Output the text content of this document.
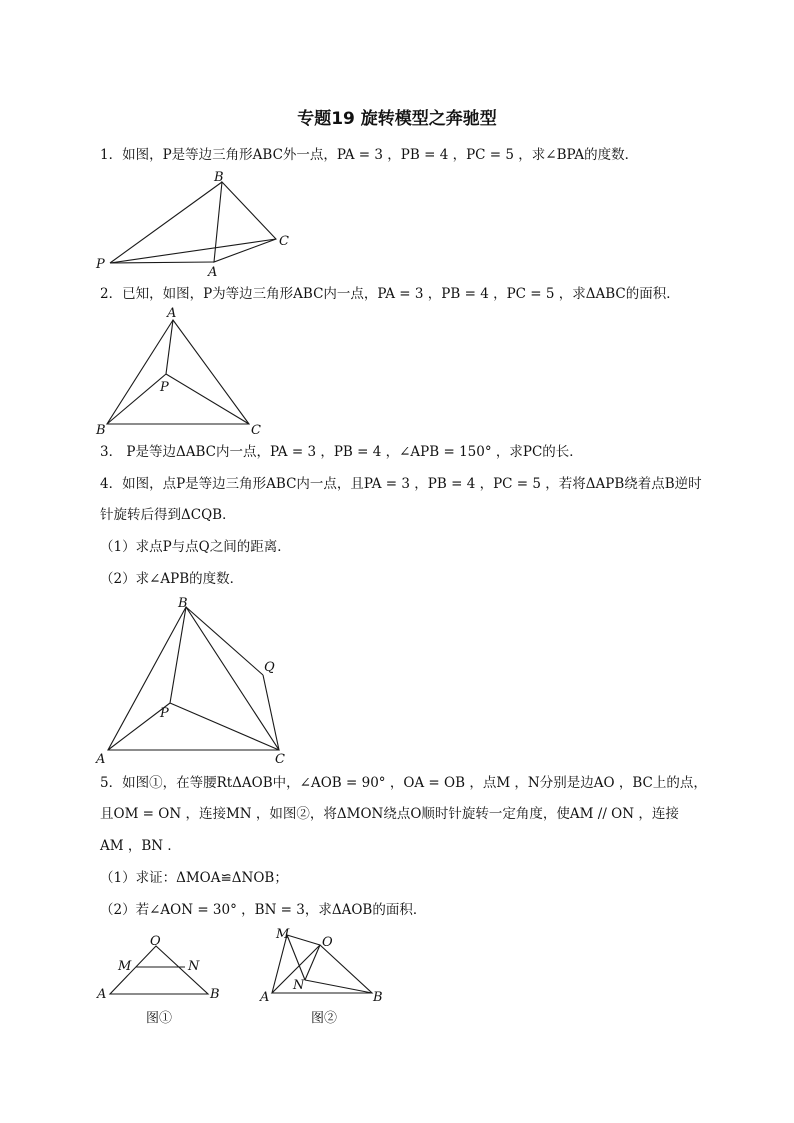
专题19 旋转模型之奔驰型
1．如图，P是等边三角形ABC外一点，PA = 3 ，PB = 4 ，PC = 5 ，求∠BPA的度数．
B
C
P
A
2．已知，如图，P为等边三角形ABC内一点，PA = 3 ，PB = 4 ，PC = 5 ，求ΔABC的面积．
A
P
B	C
3． P是等边ΔABC内一点，PA = 3 ，PB = 4 ，∠APB = 150° ，求PC的长．
4．如图，点P是等边三角形ABC内一点，且PA = 3 ，PB = 4 ，PC = 5 ，若将ΔAPB绕着点B逆时
针旋转后得到ΔCQB．
（1）求点P与点Q之间的距离．
（2）求∠APB的度数．
B
Q
P
A	C
5．如图①，在等腰RtΔAOB中，∠AOB = 90° ，OA = OB ，点M ，N分别是边AO ，BC上的点，
且OM = ON ，连接MN ，如图②，将ΔMON绕点O顺时针旋转一定角度，使AM // ON ，连接
AM ，BN ．
（1）求证：ΔMOA≌ΔNOB；
（2）若∠AON = 30° ，BN = 3，求ΔAOB的面积．
O
M	N
A	B
图①
M
O
N
A	B
图②
